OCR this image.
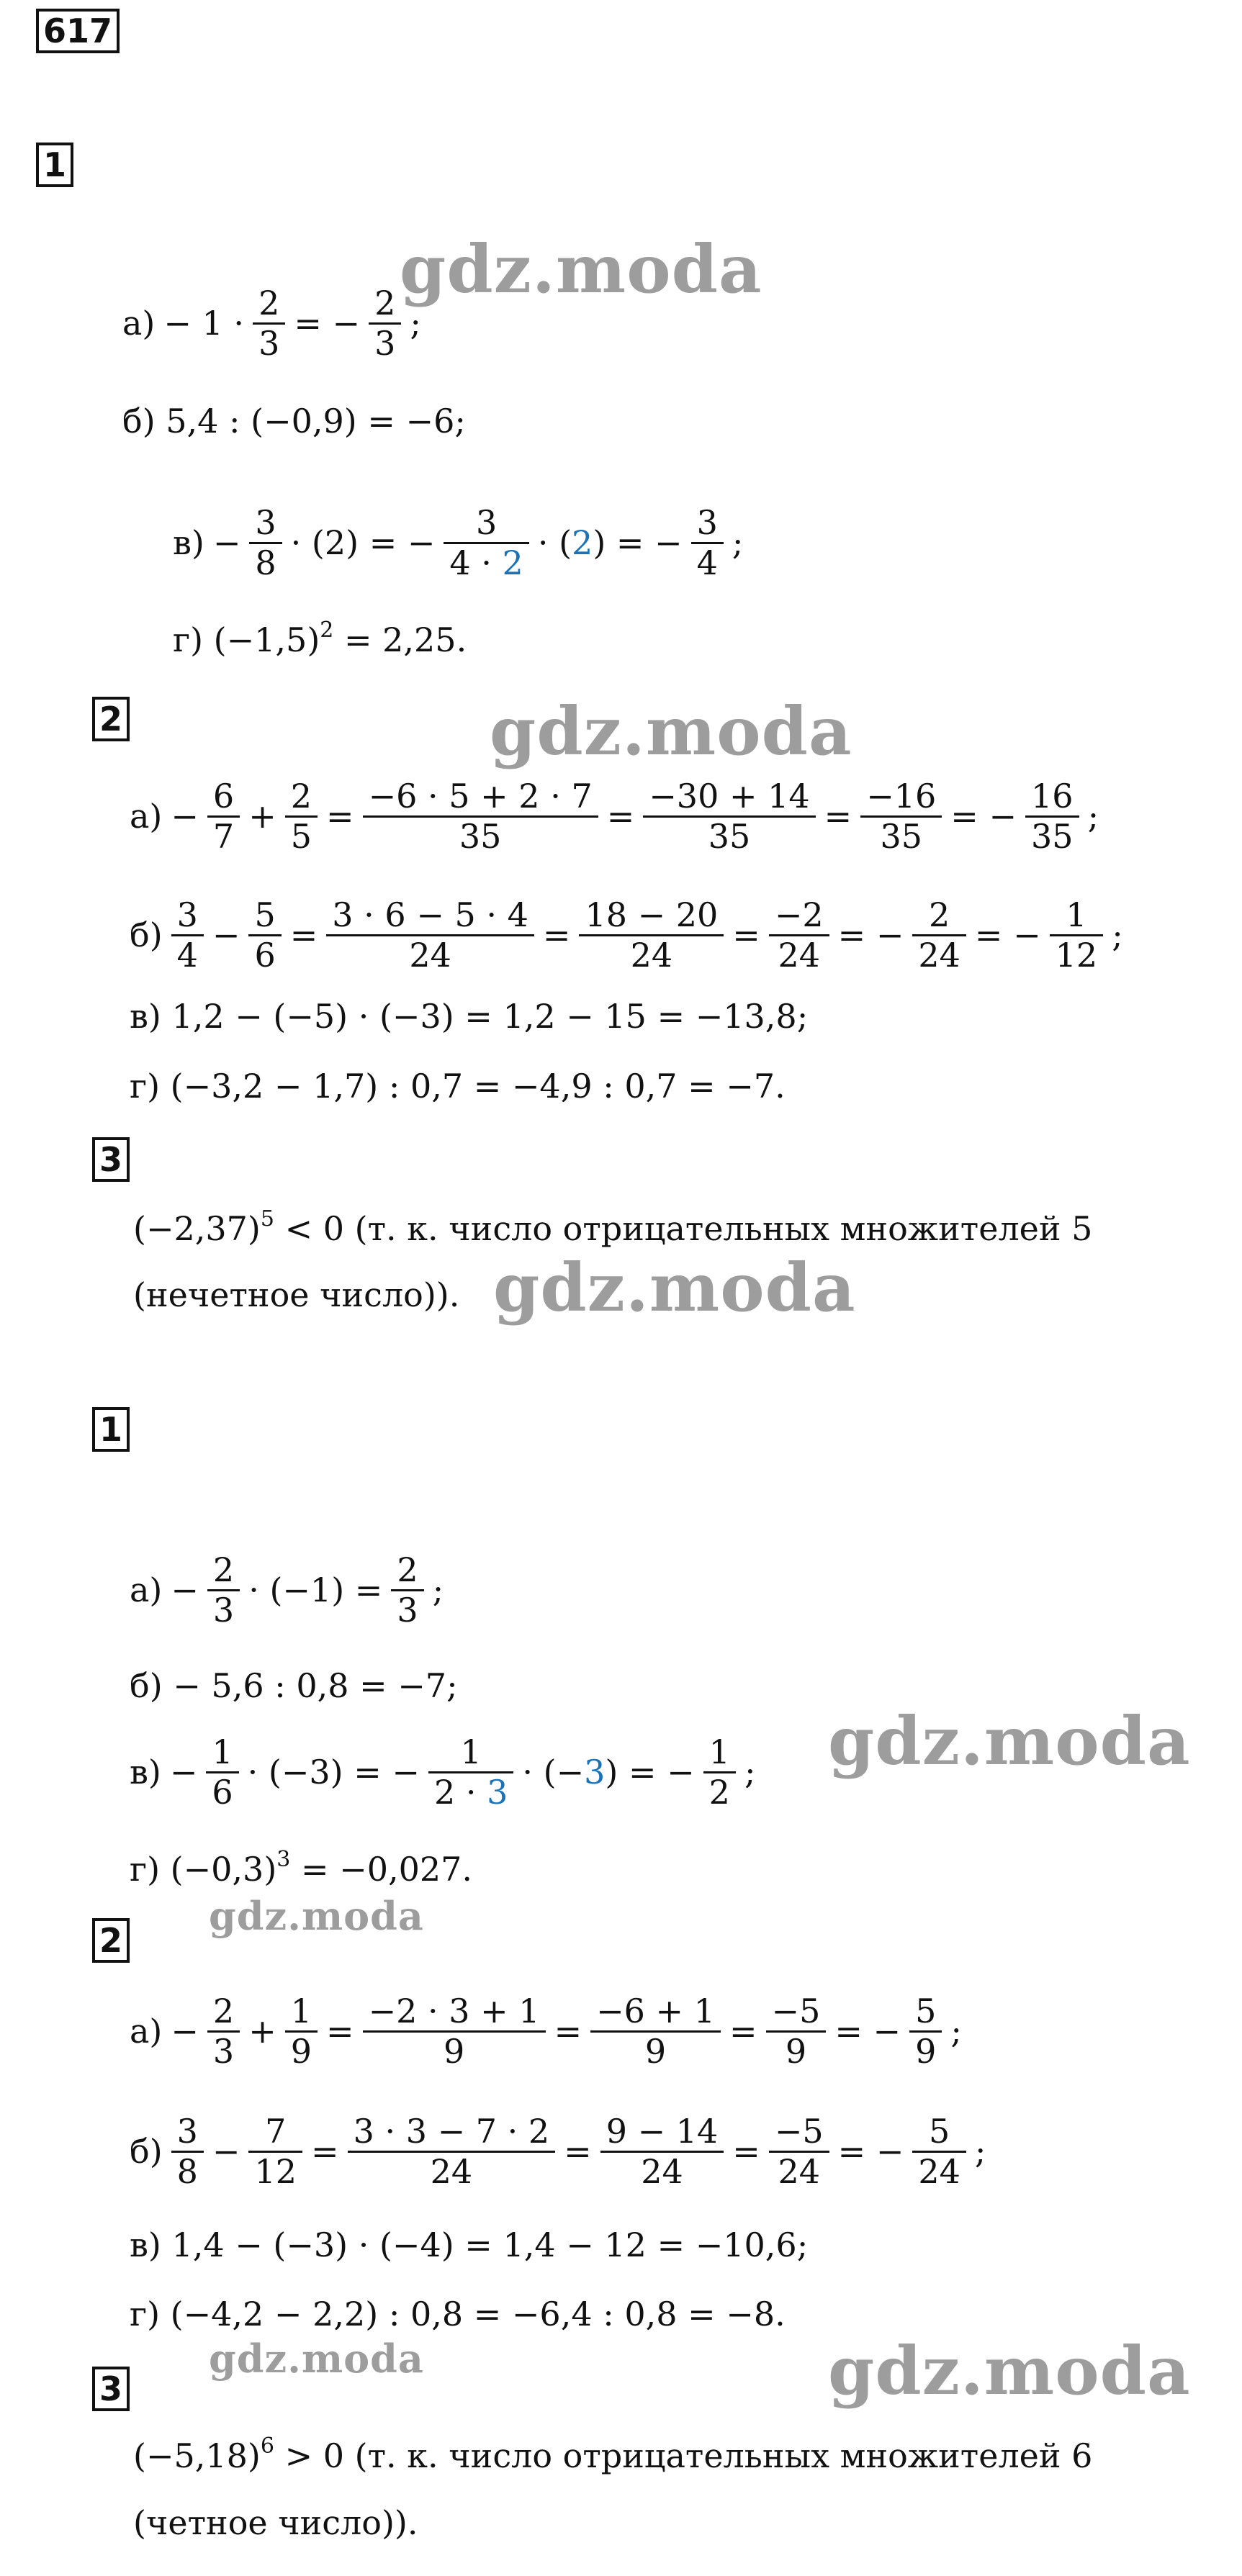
617
1
$а) - 1 \cdot \frac{2}{3}$ = − $\frac{2}{3}$ ;
б) 5,4 : (−0,9) = −6;
$в) - \frac{3}{8} \cdot (2)$ = − $\frac{3}{4 \cdot 2}$ · ( 2 ) = − $\frac{3}{4}$ ;
г) $(-1,5)^2 = 2,25$.
2
$а) - \frac{6}{7} + \frac{2}{5} = \frac{-6 \cdot 5 + 2 \cdot 7}{35} = \frac{-30 + 14}{35} = \frac{-16}{35}$ = − $\frac{16}{35}$ ;
$б) \frac{3}{4} - \frac{5}{6} = \frac{3 \cdot 6 - 5 \cdot 4}{24} = \frac{18 - 20}{24} = \frac{-2}{24}$ = − $\frac{2}{24}$ = − $\frac{1}{12}$ ;
в) 1,2 − (−5) · (−3) = 1,2 − 15 = −13,8;
г) (−3,2 − 1,7) : 0,7 = −4,9 : 0,7 = −7.
3
$(-2,37)^5 < 0$ (т. к. число отрицательных множителей 5
(нечетное число)).
1
$а) - \frac{2}{3} \cdot (-1) = \frac{2}{3}$ ;
б) − 5,6 : 0,8 = −7;
$в) - \frac{1}{6} \cdot (-3)$ = − $\frac{1}{2 \cdot 3}$ · (− 3 ) = − $\frac{1}{2}$ ;
г) $(-0,3)^3 = -0,027$.
2
$а) - \frac{2}{3} + \frac{1}{9} = \frac{-2 \cdot 3 + 1}{9} = \frac{-6 + 1}{9} = \frac{-5}{9}$ = − $\frac{5}{9}$ ;
$б) \frac{3}{8} - \frac{7}{12} = \frac{3 \cdot 3 - 7 \cdot 2}{24} = \frac{9 - 14}{24} = \frac{-5}{24}$ = − $\frac{5}{24}$ ;
в) 1,4 − (−3) · (−4) = 1,4 − 12 = −10,6;
г) (−4,2 − 2,2) : 0,8 = −6,4 : 0,8 = −8.
3
$(-5,18)^6 > 0$ (т. к. число отрицательных множителей 6
(четное число)).
gdz.moda
gdz.moda
gdz.moda
gdz.moda
gdz.moda
gdz.moda	gdz.moda
